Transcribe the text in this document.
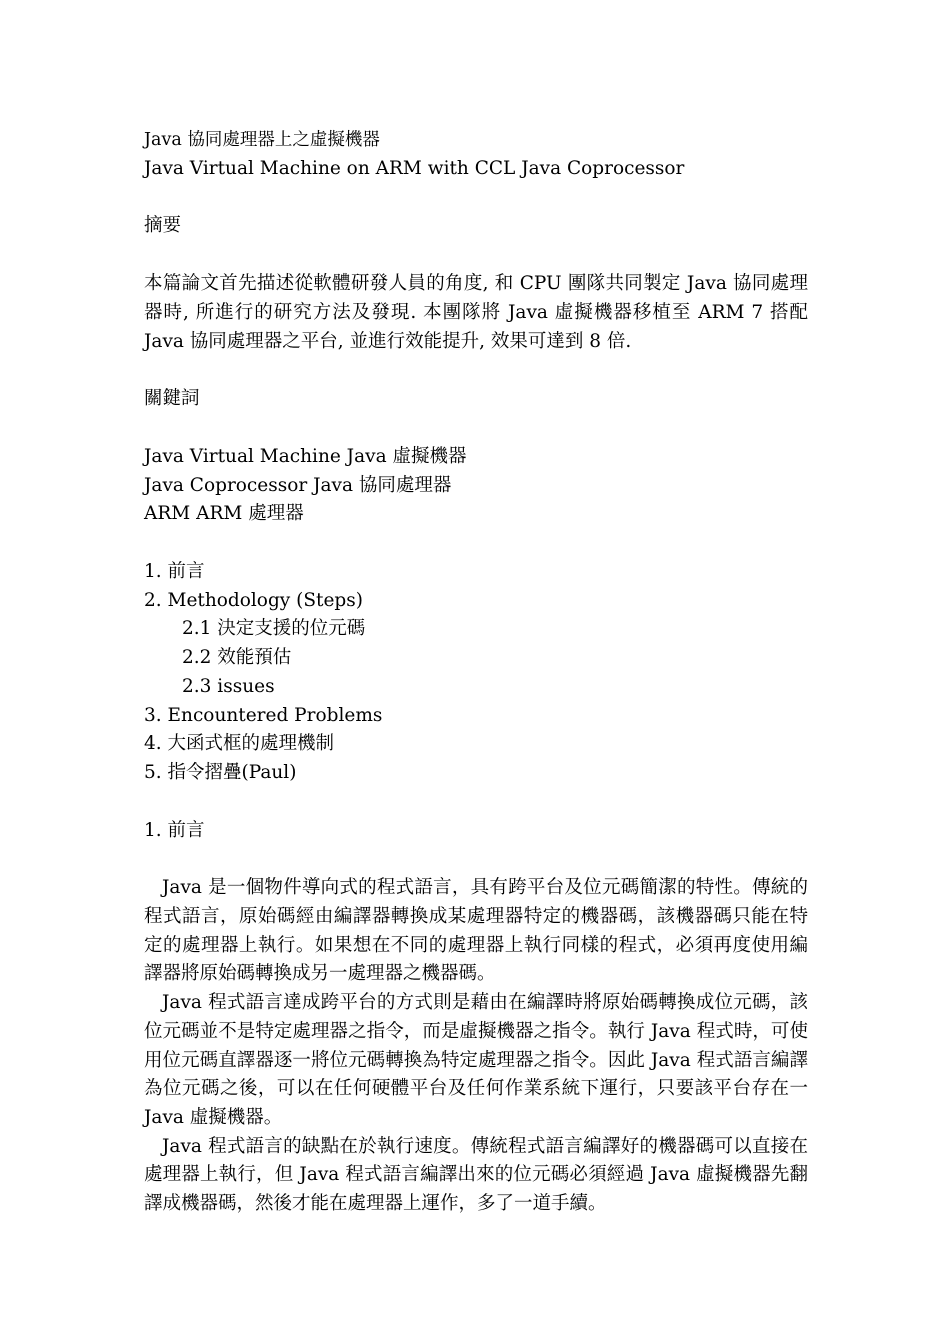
Java 協同處理器上之虛擬機器

Java Virtual Machine on ARM with CCL Java Coprocessor

摘要

本篇論文首先描述從軟體研發人員的角度, 和 CPU 團隊共同製定 Java 協同處理器時, 所進行的研究方法及發現. 本團隊將 Java 虛擬機器移植至 ARM 7 搭配 Java 協同處理器之平台, 並進行效能提升, 效果可達到 8 倍.

關鍵詞

Java Virtual Machine Java 虛擬機器

Java Coprocessor Java 協同處理器

ARM ARM 處理器

1. 前言

2. Methodology (Steps)

2.1 決定支援的位元碼

2.2 效能預估

2.3 issues

3. Encountered Problems

4. 大函式框的處理機制

5. 指令摺疊(Paul)

1. 前言

Java 是一個物件導向式的程式語言，具有跨平台及位元碼簡潔的特性。傳統的程式語言，原始碼經由編譯器轉換成某處理器特定的機器碼，該機器碼只能在特定的處理器上執行。如果想在不同的處理器上執行同樣的程式，必須再度使用編譯器將原始碼轉換成另一處理器之機器碼。

Java 程式語言達成跨平台的方式則是藉由在編譯時將原始碼轉換成位元碼，該位元碼並不是特定處理器之指令，而是虛擬機器之指令。執行 Java 程式時，可使用位元碼直譯器逐一將位元碼轉換為特定處理器之指令。因此 Java 程式語言編譯為位元碼之後，可以在任何硬體平台及任何作業系統下運行，只要該平台存在一 Java 虛擬機器。

Java 程式語言的缺點在於執行速度。傳統程式語言編譯好的機器碼可以直接在處理器上執行，但 Java 程式語言編譯出來的位元碼必須經過 Java 虛擬機器先翻譯成機器碼，然後才能在處理器上運作，多了一道手續。
